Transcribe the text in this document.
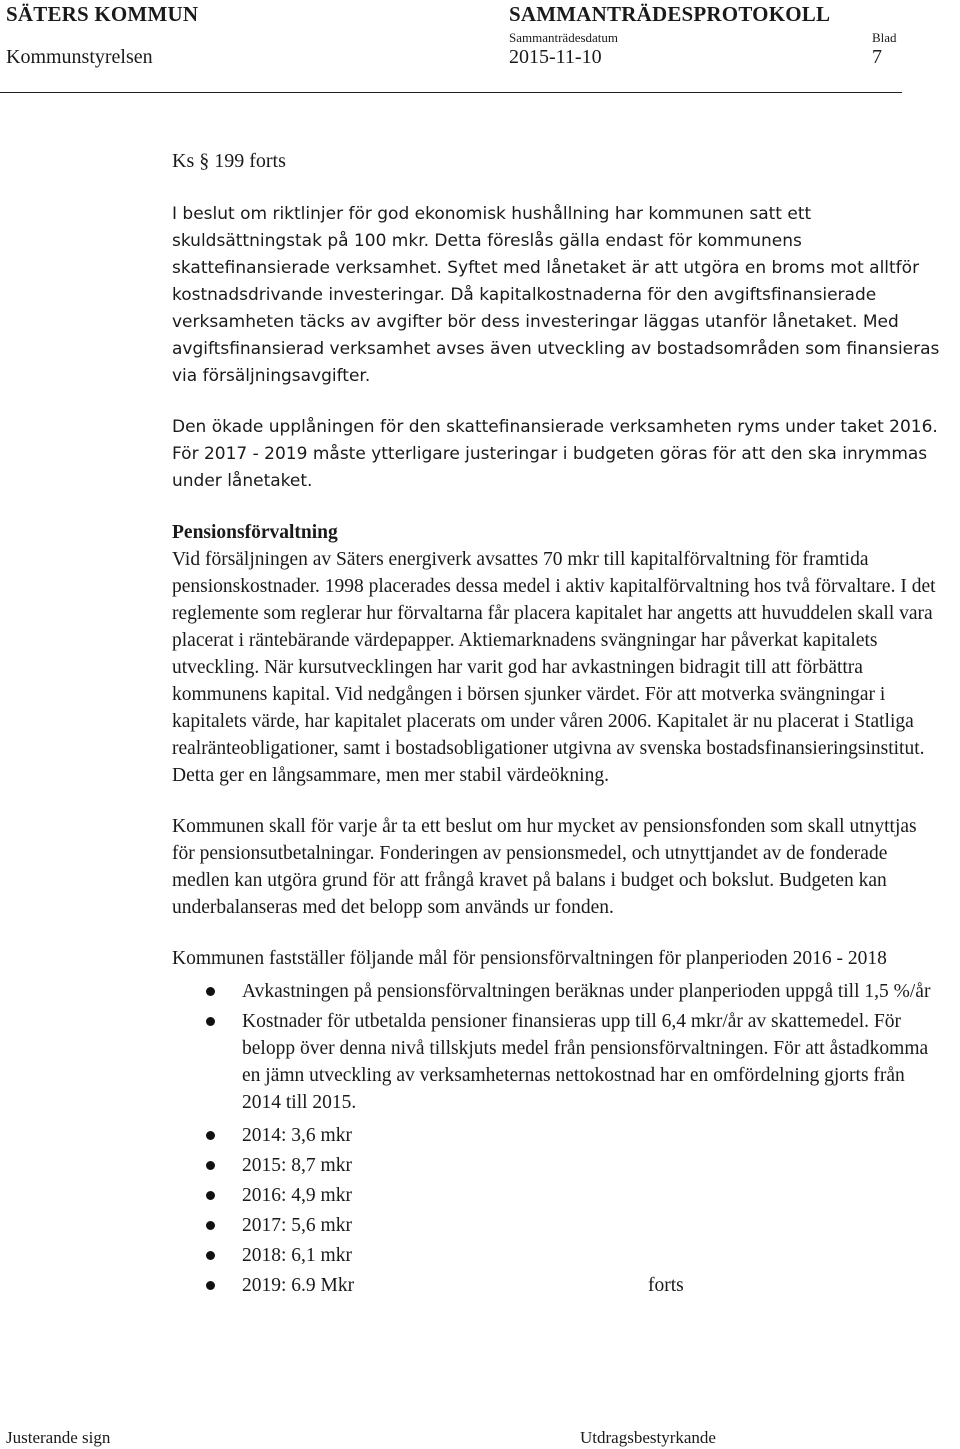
SÄTERS KOMMUN	SAMMANTRÄDESPROTOKOLL
Sammanträdesdatum	Blad
Kommunstyrelsen	2015-11-10	7
Ks § 199 forts

I beslut om riktlinjer för god ekonomisk hushållning har kommunen satt ett skuldsättningstak på 100 mkr. Detta föreslås gälla endast för kommunens skattefinansierade verksamhet. Syftet med lånetaket är att utgöra en broms mot alltför kostnadsdrivande investeringar. Då kapitalkostnaderna för den avgiftsfinansierade verksamheten täcks av avgifter bör dess investeringar läggas utanför lånetaket. Med avgiftsfinansierad verksamhet avses även utveckling av bostadsområden som finansieras via försäljningsavgifter.

Den ökade upplåningen för den skattefinansierade verksamheten ryms under taket 2016. För 2017 - 2019 måste ytterligare justeringar i budgeten göras för att den ska inrymmas under lånetaket.

Pensionsförvaltning

Vid försäljningen av Säters energiverk avsattes 70 mkr till kapitalförvaltning för framtida pensionskostnader. 1998 placerades dessa medel i aktiv kapitalförvaltning hos två förvaltare. I det reglemente som reglerar hur förvaltarna får placera kapitalet har angetts att huvuddelen skall vara placerat i räntebärande värdepapper. Aktiemarknadens svängningar har påverkat kapitalets utveckling. När kursutvecklingen har varit god har avkastningen bidragit till att förbättra kommunens kapital. Vid nedgången i börsen sjunker värdet. För att motverka svängningar i kapitalets värde, har kapitalet placerats om under våren 2006. Kapitalet är nu placerat i Statliga realränteobligationer, samt i bostadsobligationer utgivna av svenska bostadsfinansieringsinstitut. Detta ger en långsammare, men mer stabil värdeökning.

Kommunen skall för varje år ta ett beslut om hur mycket av pensionsfonden som skall utnyttjas för pensionsutbetalningar. Fonderingen av pensionsmedel, och utnyttjandet av de fonderade medlen kan utgöra grund för att frångå kravet på balans i budget och bokslut. Budgeten kan underbalanseras med det belopp som används ur fonden.

Kommunen fastställer följande mål för pensionsförvaltningen för planperioden 2016 - 2018

Avkastningen på pensionsförvaltningen beräknas under planperioden uppgå till 1,5 %/år
Kostnader för utbetalda pensioner finansieras upp till 6,4 mkr/år av skattemedel. För belopp över denna nivå tillskjuts medel från pensionsförvaltningen. För att åstadkomma en jämn utveckling av verksamheternas nettokostnad har en omfördelning gjorts från 2014 till 2015.
2014: 3,6 mkr
2015: 8,7 mkr
2016: 4,9 mkr
2017: 5,6 mkr
2018: 6,1 mkr
2019: 6.9 Mkr	forts
Justerande sign	Utdragsbestyrkande
